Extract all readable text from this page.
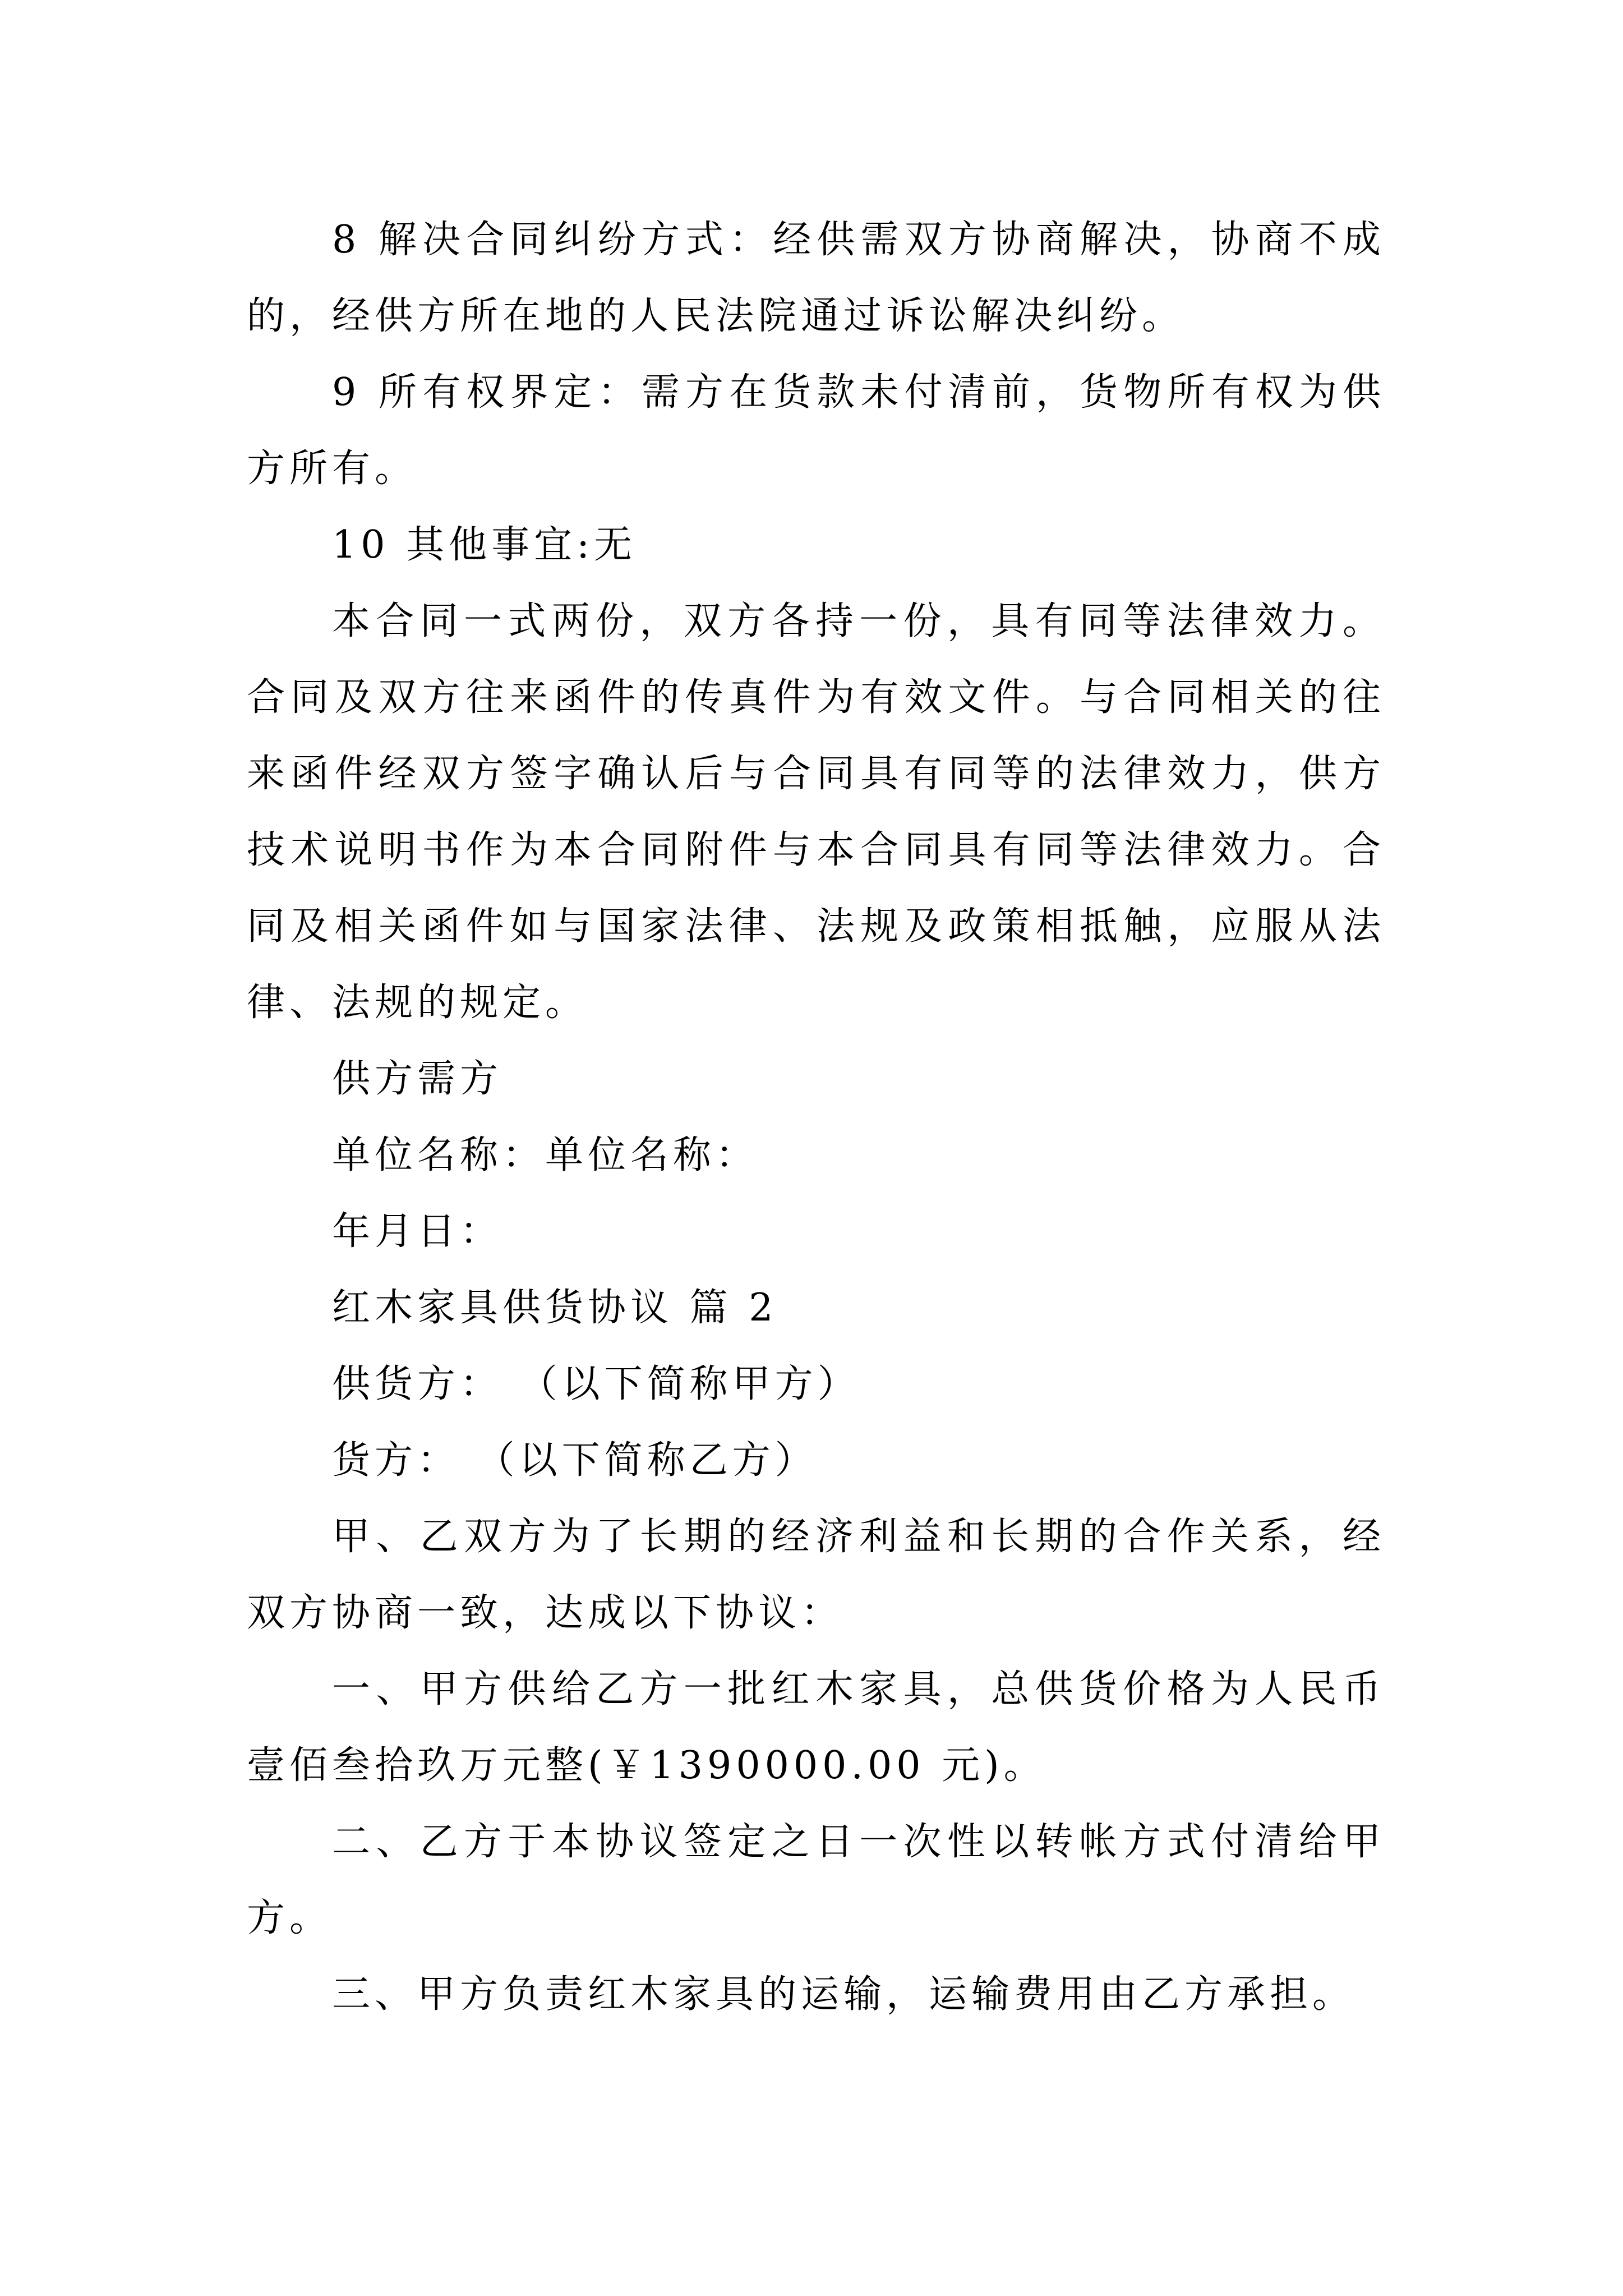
8 解决合同纠纷方式：经供需双方协商解决，协商不成的，经供方所在地的人民法院通过诉讼解决纠纷。

9 所有权界定：需方在货款未付清前，货物所有权为供方所有。

10 其他事宜:无

本合同一式两份，双方各持一份，具有同等法律效力。合同及双方往来函件的传真件为有效文件。与合同相关的往来函件经双方签字确认后与合同具有同等的法律效力，供方技术说明书作为本合同附件与本合同具有同等法律效力。合同及相关函件如与国家法律、法规及政策相抵触，应服从法律、法规的规定。

供方需方

单位名称：单位名称：

年月日：

红木家具供货协议 篇 2

供货方： （以下简称甲方）

货方： （以下简称乙方）

甲、乙双方为了长期的经济利益和长期的合作关系，经双方协商一致，达成以下协议：

一、甲方供给乙方一批红木家具，总供货价格为人民币壹佰叁拾玖万元整(￥1390000.00 元)。

二、乙方于本协议签定之日一次性以转帐方式付清给甲方。

三、甲方负责红木家具的运输，运输费用由乙方承担。
